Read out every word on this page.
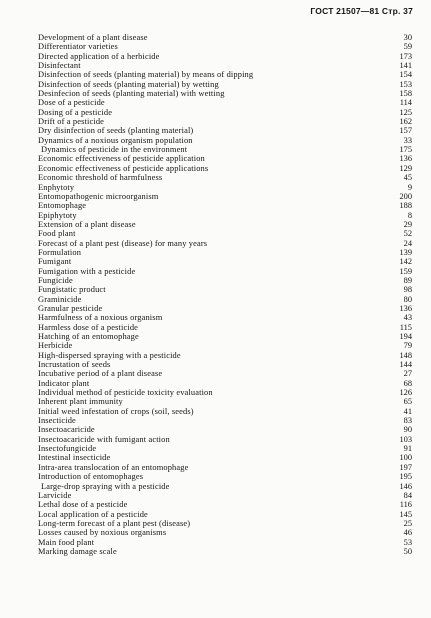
ГОСТ 21507—81 Стр. 37
Development of a plant disease	30
Differentiator varieties	59
Directed application of a herbicide	173
Disinfectant	141
Disinfection of seeds (planting material) by means of dipping	154
Disinfection of seeds (planting material) by wetting	153
Desinfecion of seeds (planting material) with wetting	158
Dose of a pesticide	114
Dosing of a pesticide	125
Drift of a pesticide	162
Dry disinfection of seeds (planting material)	157
Dynamics of a noxious organism population	33
Dynamics of pesticide in the environment	175
Economic effectiveness of pesticide application	136
Economic effectiveness of pesticide applications	129
Economic threshold of harmfulness	45
Enphytoty	9
Entomopathogenic microorganism	200
Entomophage	188
Epiphytoty	8
Extension of a plant disease	29
Food plant	52
Forecast of a plant pest (disease) for many years	24
Formulation	139
Fumigant	142
Fumigation with a pesticide	159
Fungicide	89
Fungistatic product	98
Graminicide	80
Granular pesticide	136
Harmfulness of a noxious organism	43
Harmless dose of a pesticide	115
Hatching of an entomophage	194
Herbicide	79
High-dispersed spraying with a pesticide	148
Incrustation of seeds	144
Incubative period of a plant disease	27
Indicator plant	68
Individual method of pesticide toxicity evaluation	126
Inherent plant immunity	65
Initial weed infestation of crops (soil, seeds)	41
Insecticide	83
Insectoacaricide	90
Insectoacaricide with fumigant action	103
Insectofungicide	91
Intestinal insecticide	100
Intra-area translocation of an entomophage	197
Introduction of entomophages	195
Large-drop spraying with a pesticide	146
Larvicide	84
Lethal dose of a pesticide	116
Local application of a pesticide	145
Long-term forecast of a plant pest (disease)	25
Losses caused by noxious organisms	46
Main food plant	53
Marking damage scale	50
